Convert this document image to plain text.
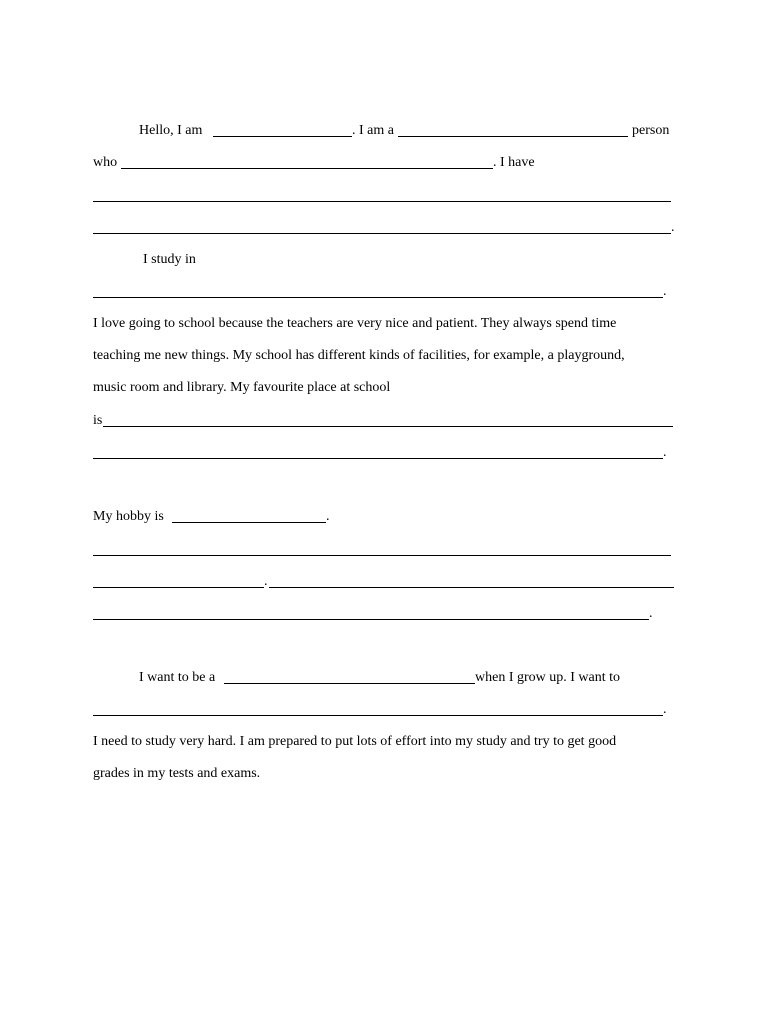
Hello, I am	. I am a	person
who	. I have
.
I study in
.
I love going to school because the teachers are very nice and patient. They always spend time
teaching me new things. My school has different kinds of facilities, for example, a playground,
music room and library. My favourite place at school
is
.
My hobby is	.
.
.
I want to be a	when I grow up. I want to
.
I need to study very hard. I am prepared to put lots of effort into my study and try to get good
grades in my tests and exams.
